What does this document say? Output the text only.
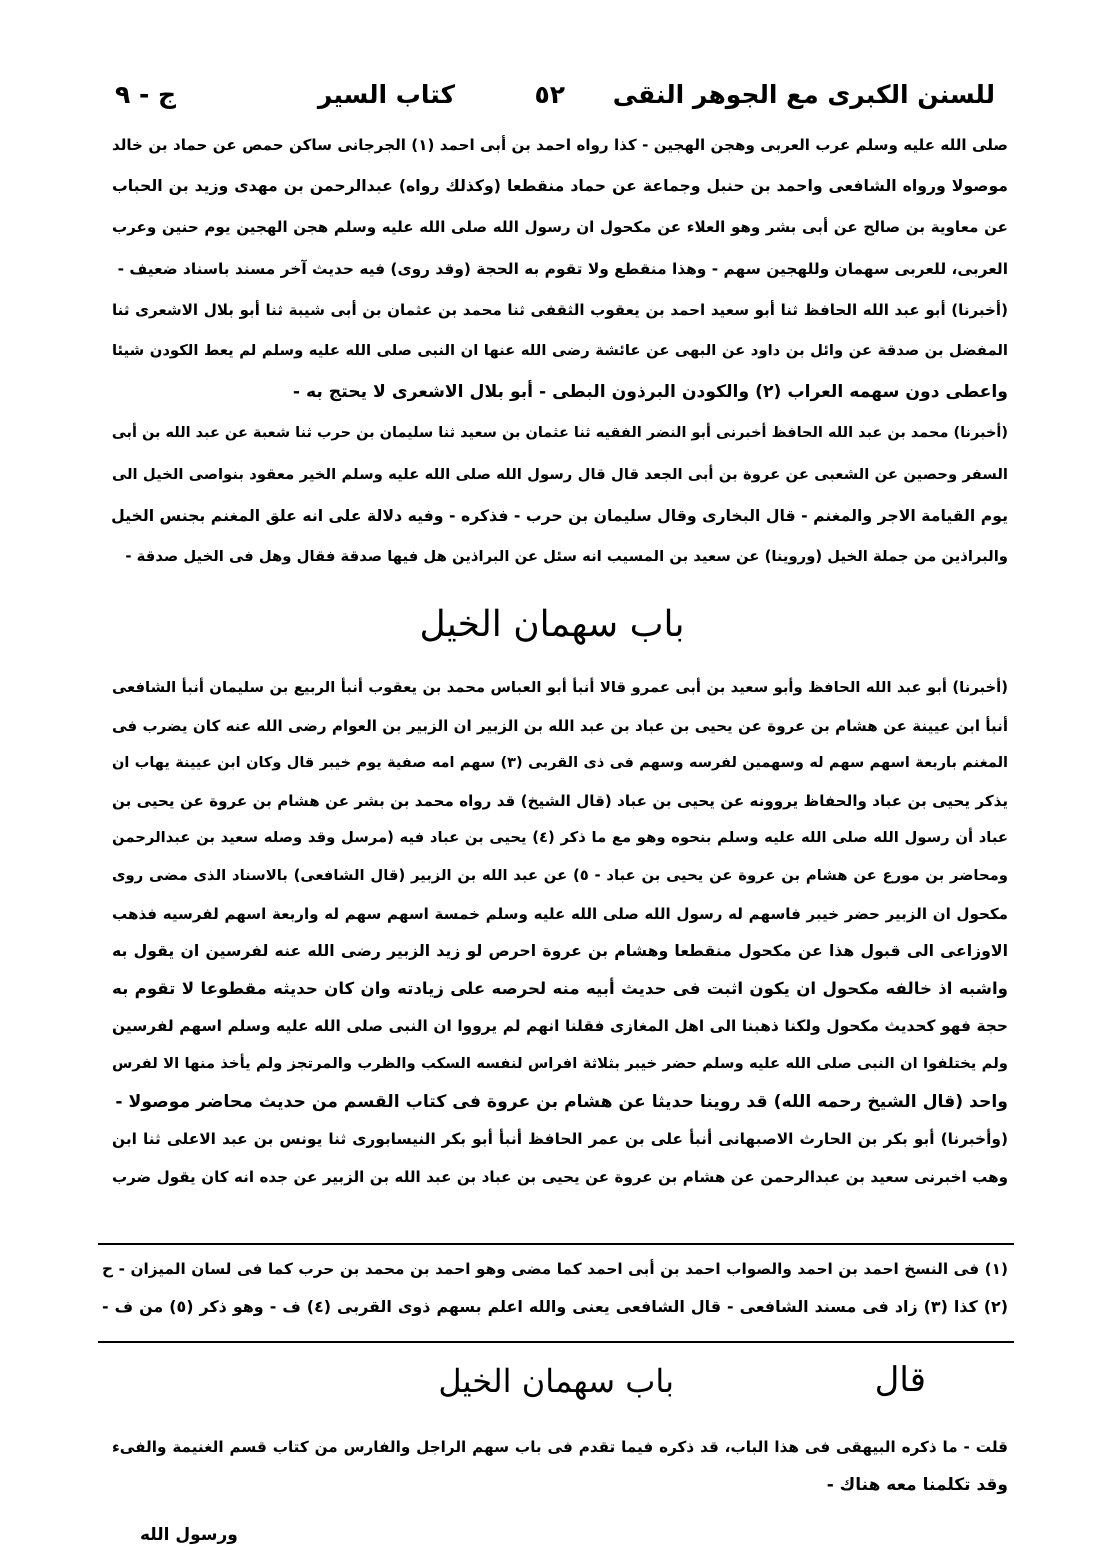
للسنن الكبرى مع الجوهر النقى
٥٢
كتاب السير
ج - ٩
صلى الله عليه وسلم عرب العربى وهجن الهجين - كذا رواه احمد بن أبى احمد (١) الجرجانى ساكن حمص عن حماد بن خالد
موصولا ورواه الشافعى واحمد بن حنبل وجماعة عن حماد منقطعا (وكذلك رواه) عبدالرحمن بن مهدى وزيد بن الحباب
عن معاوية بن صالح عن أبى بشر وهو العلاء عن مكحول ان رسول الله صلى الله عليه وسلم هجن الهجين يوم حنين وعرب
العربى، للعربى سهمان وللهجين سهم - وهذا منقطع ولا تقوم به الحجة (وقد روى) فيه حديث آخر مسند باسناد ضعيف -
(أخبرنا) أبو عبد الله الحافظ ثنا أبو سعيد احمد بن يعقوب الثقفى ثنا محمد بن عثمان بن أبى شيبة ثنا أبو بلال الاشعرى ثنا
المفضل بن صدقة عن وائل بن داود عن البهى عن عائشة رضى الله عنها ان النبى صلى الله عليه وسلم لم يعط الكودن شيئا
واعطى دون سهمه العراب (٢) والكودن البرذون البطى - أبو بلال الاشعرى لا يحتج به -
(أخبرنا) محمد بن عبد الله الحافظ أخبرنى أبو النضر الفقيه ثنا عثمان بن سعيد ثنا سليمان بن حرب ثنا شعبة عن عبد الله بن أبى
السفر وحصين عن الشعبى عن عروة بن أبى الجعد قال قال رسول الله صلى الله عليه وسلم الخير معقود بنواصى الخيل الى
يوم القيامة الاجر والمغنم - قال البخارى وقال سليمان بن حرب - فذكره - وفيه دلالة على انه علق المغنم بجنس الخيل
والبراذين من جملة الخيل (وروينا) عن سعيد بن المسيب انه سئل عن البراذين هل فيها صدقة فقال وهل فى الخيل صدقة -
باب سهمان الخيل
(أخبرنا) أبو عبد الله الحافظ وأبو سعيد بن أبى عمرو قالا أنبأ أبو العباس محمد بن يعقوب أنبأ الربيع بن سليمان أنبأ الشافعى
أنبأ ابن عيينة عن هشام بن عروة عن يحيى بن عباد بن عبد الله بن الزبير ان الزبير بن العوام رضى الله عنه كان يضرب فى
المغنم باربعة اسهم سهم له وسهمين لفرسه وسهم فى ذى القربى (٣) سهم امه صفية يوم خيبر قال وكان ابن عيينة يهاب ان
يذكر يحيى بن عباد والحفاظ يروونه عن يحيى بن عباد (قال الشيخ) قد رواه محمد بن بشر عن هشام بن عروة عن يحيى بن
عباد أن رسول الله صلى الله عليه وسلم بنحوه وهو مع ما ذكر (٤) يحيى بن عباد فيه (مرسل وقد وصله سعيد بن عبدالرحمن
ومحاضر بن مورع عن هشام بن عروة عن يحيى بن عباد - ٥) عن عبد الله بن الزبير (قال الشافعى) بالاسناد الذى مضى روى
مكحول ان الزبير حضر خيبر فاسهم له رسول الله صلى الله عليه وسلم خمسة اسهم سهم له واربعة اسهم لفرسيه فذهب
الاوزاعى الى قبول هذا عن مكحول منقطعا وهشام بن عروة احرص لو زيد الزبير رضى الله عنه لفرسين ان يقول به
واشبه اذ خالفه مكحول ان يكون اثبت فى حديث أبيه منه لحرصه على زيادته وان كان حديثه مقطوعا لا تقوم به
حجة فهو كحديث مكحول ولكنا ذهبنا الى اهل المغازى فقلنا انهم لم يرووا ان النبى صلى الله عليه وسلم اسهم لفرسين
ولم يختلفوا ان النبى صلى الله عليه وسلم حضر خيبر بثلاثة افراس لنفسه السكب والظرب والمرتجز ولم يأخذ منها الا لفرس
واحد (قال الشيخ رحمه الله) قد روينا حديثا عن هشام بن عروة فى كتاب القسم من حديث محاضر موصولا -
(وأخبرنا) أبو بكر بن الحارث الاصبهانى أنبأ على بن عمر الحافظ أنبأ أبو بكر النيسابورى ثنا يونس بن عبد الاعلى ثنا ابن
وهب اخبرنى سعيد بن عبدالرحمن عن هشام بن عروة عن يحيى بن عباد بن عبد الله بن الزبير عن جده انه كان يقول ضرب
(١) فى النسخ احمد بن احمد والصواب احمد بن أبى احمد كما مضى وهو احمد بن محمد بن حرب كما فى لسان الميزان - ح
(٢) كذا (٣) زاد فى مسند الشافعى - قال الشافعى يعنى والله اعلم بسهم ذوى القربى (٤) ف - وهو ذكر (٥) من ف -
قال
باب سهمان الخيل
قلت - ما ذكره البيهقى فى هذا الباب، قد ذكره فيما تقدم فى باب سهم الراجل والفارس من كتاب قسم الغنيمة والفىء
وقد تكلمنا معه هناك -
ورسول الله
